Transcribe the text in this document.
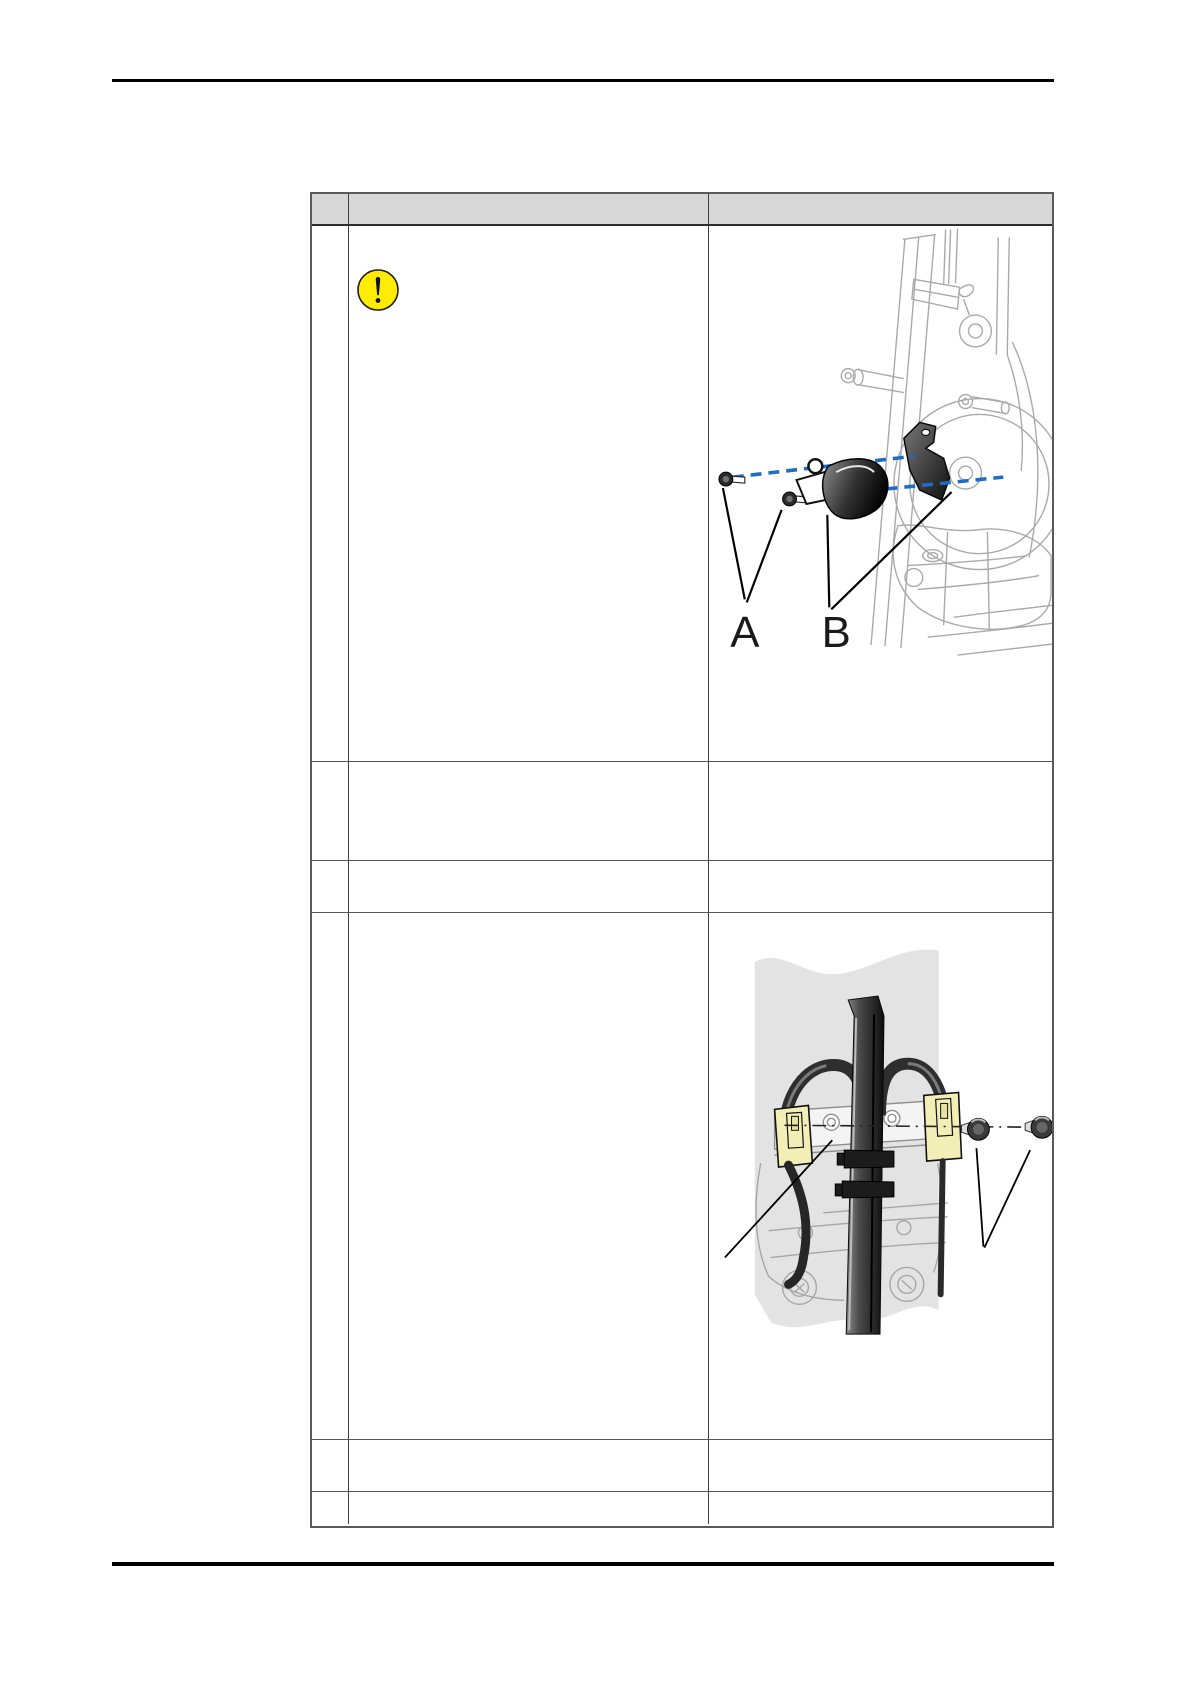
A B
